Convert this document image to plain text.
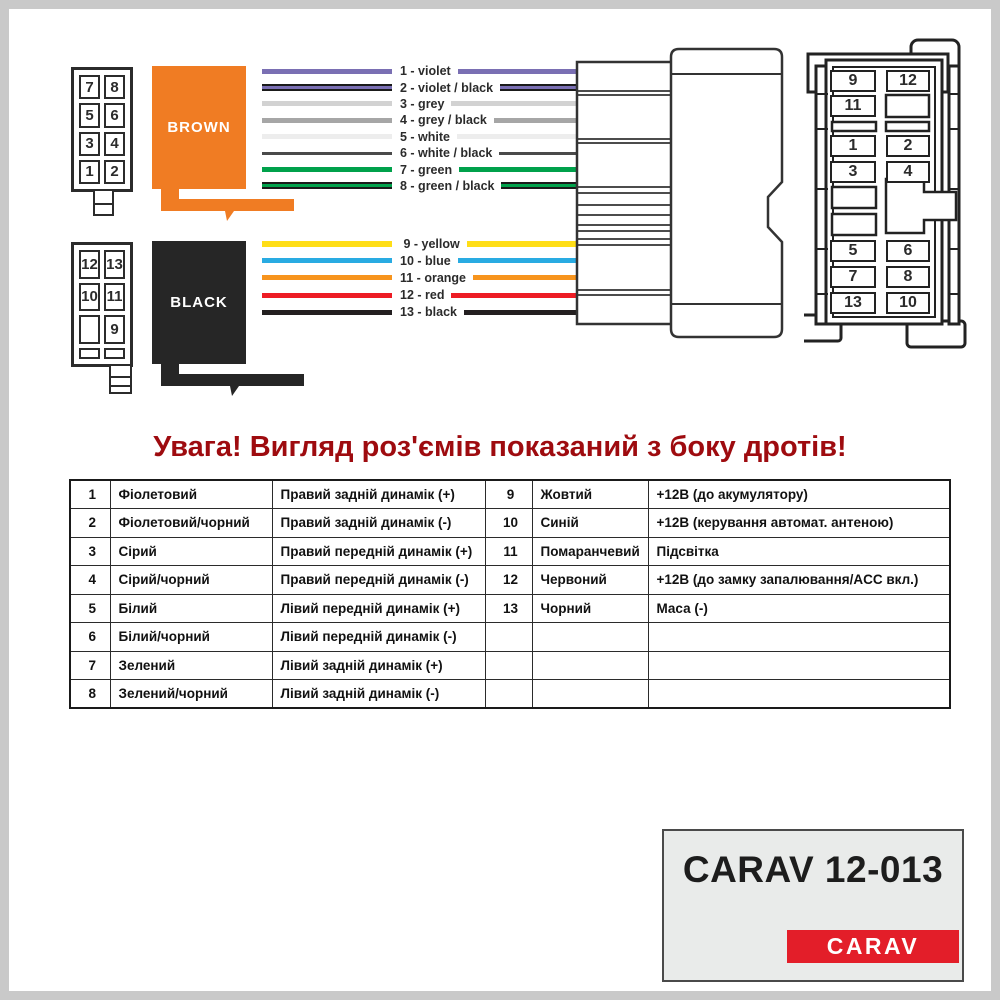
7	8
5	6
3	4
1	2
12 13
10 11
9
BROWN
BLACK
1 - violet
2 - violet / black
3 - grey
4 - grey / black
5 - white
6 - white / black
7 - green
8 - green / black
9 - yellow
10 - blue
11 - orange
12 - red
13 - black
9
11
1
3
5
7
13
12
2
4
6
8
10
Увага! Вигляд роз'ємів показаний з боку дротів!
1	Фіолетовий	Правий задній динамік (+)	9	Жовтий	+12В (до акумулятору)
2	Фіолетовий/чорний	Правий задній динамік (-)	10	Синій	+12В (керування автомат. антеною)
3	Сірий	Правий передній динамік (+)	11	Помаранчевий	Підсвітка
4	Сірий/чорний	Правий передній динамік (-)	12	Червоний	+12В (до замку запалювання/ACC вкл.)
5	Білий	Лівий передній динамік (+)	13	Чорний	Маса (-)
6	Білий/чорний	Лівий передній динамік (-)			
7	Зелений	Лівий задній динамік (+)			
8	Зелений/чорний	Лівий задній динамік (-)			
CARAV 12-013
CARAV
